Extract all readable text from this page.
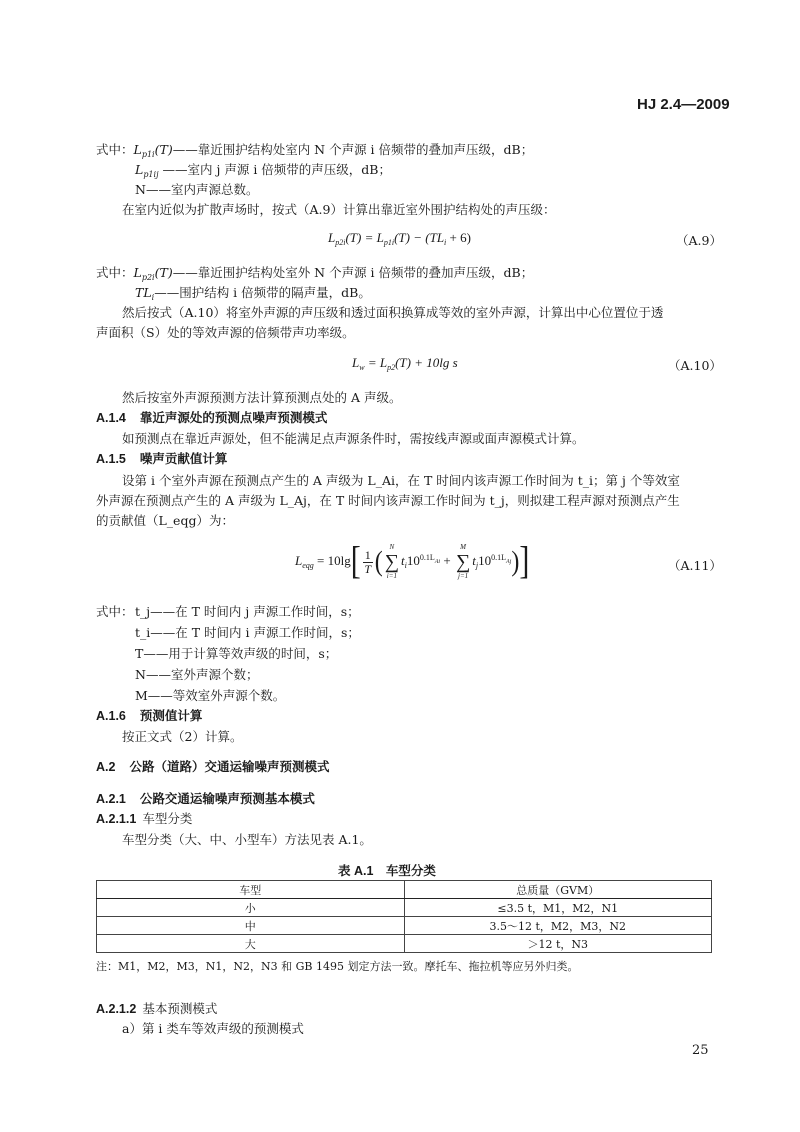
HJ 2.4—2009
式中：$L_{p1i}(T)——$靠近围护结构处室内 N 个声源 i 倍频带的叠加声压级，dB；
$L_{p1ij}$ ——室内 j 声源 i 倍频带的声压级，dB；
N——室内声源总数。
在室内近似为扩散声场时，按式（A.9）计算出靠近室外围护结构处的声压级：
$L_{p2i}(T) = L_{p1i}(T) - (TL_i + 6)$	（A.9）
式中：$L_{p2i}(T)——$靠近围护结构处室外 N 个声源 i 倍频带的叠加声压级，dB；
$TL_i——$围护结构 i 倍频带的隔声量，dB。
然后按式（A.10）将室外声源的声压级和透过面积换算成等效的室外声源，计算出中心位置位于透
声面积（S）处的等效声源的倍频带声功率级。
$L_w = L_{p2}(T) + 10\lg$ s	（A.10）
然后按室外声源预测方法计算预测点处的 A 声级。
A.1.4 靠近声源处的预测点噪声预测模式
如预测点在靠近声源处，但不能满足点声源条件时，需按线声源或面声源模式计算。
A.1.5 噪声贡献值计算
设第 i 个室外声源在预测点产生的 A 声级为 L_Ai，在 T 时间内该声源工作时间为 t_i；第 j 个等效室
外声源在预测点产生的 A 声级为 L_Aj，在 T 时间内该声源工作时间为 t_j，则拟建工程声源对预测点产生
的贡献值（L_eqg）为：
$L_{eqg} = 10\lg[ \frac{1}{T}$ ( N
∑
i=1
$t_i10^{0.1L_{Ai}}$ +
M
∑
j=1
$t_j10^{0.1L_{Aj}}$)]	（A.11）
式中： t_j——在 T 时间内 j 声源工作时间，s；
t_i——在 T 时间内 i 声源工作时间，s；
T——用于计算等效声级的时间，s；
N——室外声源个数；
M——等效室外声源个数。
A.1.6 预测值计算
按正文式（2）计算。
A.2 公路（道路）交通运输噪声预测模式
A.2.1 公路交通运输噪声预测基本模式
A.2.1.1 车型分类
车型分类（大、中、小型车）方法见表 A.1。
表 A.1　车型分类
车型	总质量（GVM）
小	≤3.5 t，M1，M2，N1
中	3.5～12 t，M2，M3，N2
大	＞12 t，N3
注：M1，M2，M3，N1，N2，N3 和 GB 1495 划定方法一致。摩托车、拖拉机等应另外归类。
A.2.1.2 基本预测模式
a）第 i 类车等效声级的预测模式
25
